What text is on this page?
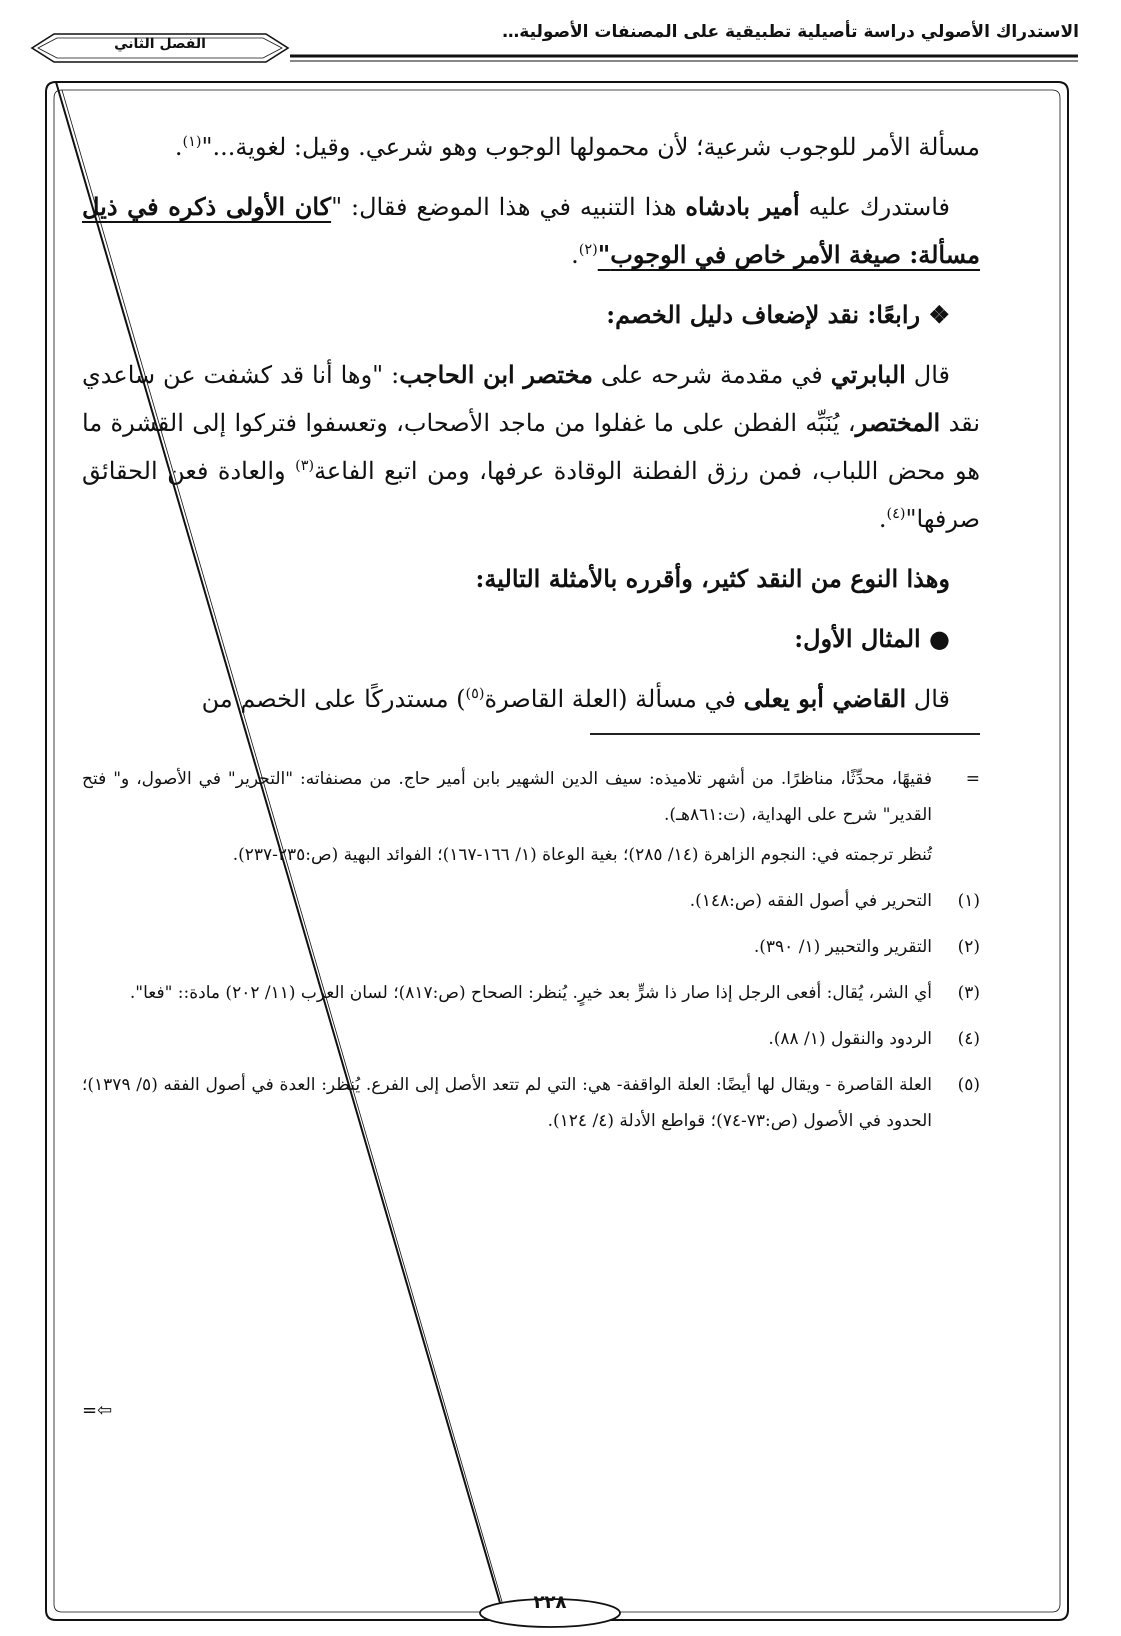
الاستدراك الأصولي دراسة تأصيلية تطبيقية على المصنفات الأصولية…
الفصل الثاني

مسألة الأمر للوجوب شرعية؛ لأن محمولها الوجوب وهو شرعي. وقيل: لغوية..."$^{(١)}$.

فاستدرك عليه أمير بادشاه هذا التنبيه في هذا الموضع فقال: "كان الأولى ذكره في ذيل مسألة: صيغة الأمر خاص في الوجوب"$^{(٢)}$.

❖ رابعًا: نقد لإضعاف دليل الخصم:

قال البابرتي في مقدمة شرحه على مختصر ابن الحاجب: "وها أنا قد كشفت عن ساعدي نقد المختصر، يُنَبِّه الفطن على ما غفلوا من ماجد الأصحاب، وتعسفوا فتركوا إلى القشرة ما هو محض اللباب، فمن رزق الفطنة الوقادة عرفها، ومن اتبع الفاعة$^{(٣)}$ والعادة فعن الحقائق صرفها"$^{(٤)}$.

وهذا النوع من النقد كثير، وأقرره بالأمثلة التالية:

● المثال الأول:

قال القاضي أبو يعلى في مسألة (العلة القاصرة$^{(٥)}$) مستدركًا على الخصم من

=
فقيهًا، محدِّثًا، مناظرًا. من أشهر تلاميذه: سيف الدين الشهير بابن أمير حاج. من مصنفاته: "التحرير" في الأصول، و" فتح القدير" شرح على الهداية، (ت:٨٦١هـ).

تُنظر ترجمته في: النجوم الزاهرة (١٤/ ٢٨٥)؛ بغية الوعاة (١/ ١٦٦-١٦٧)؛ الفوائد البهية (ص:٢٣٥-٢٣٧).

(١)
التحرير في أصول الفقه (ص:١٤٨).
(٢)
التقرير والتحبير (١/ ٣٩٠).
(٣)
أي الشر، يُقال: أفعى الرجل إذا صار ذا شرٍّ بعد خيرٍ. يُنظر: الصحاح (ص:٨١٧)؛ لسان العرب (١١/ ٢٠٢) مادة:: "فعا".
(٤)
الردود والنقول (١/ ٨٨).
(٥)
العلة القاصرة - ويقال لها أيضًا: العلة الواقفة- هي: التي لم تتعد الأصل إلى الفرع. يُنظر: العدة في أصول الفقه (٥/ ١٣٧٩)؛ الحدود في الأصول (ص:٧٣-٧٤)؛ قواطع الأدلة (٤/ ١٢٤).
⇦=
٢٢٨
